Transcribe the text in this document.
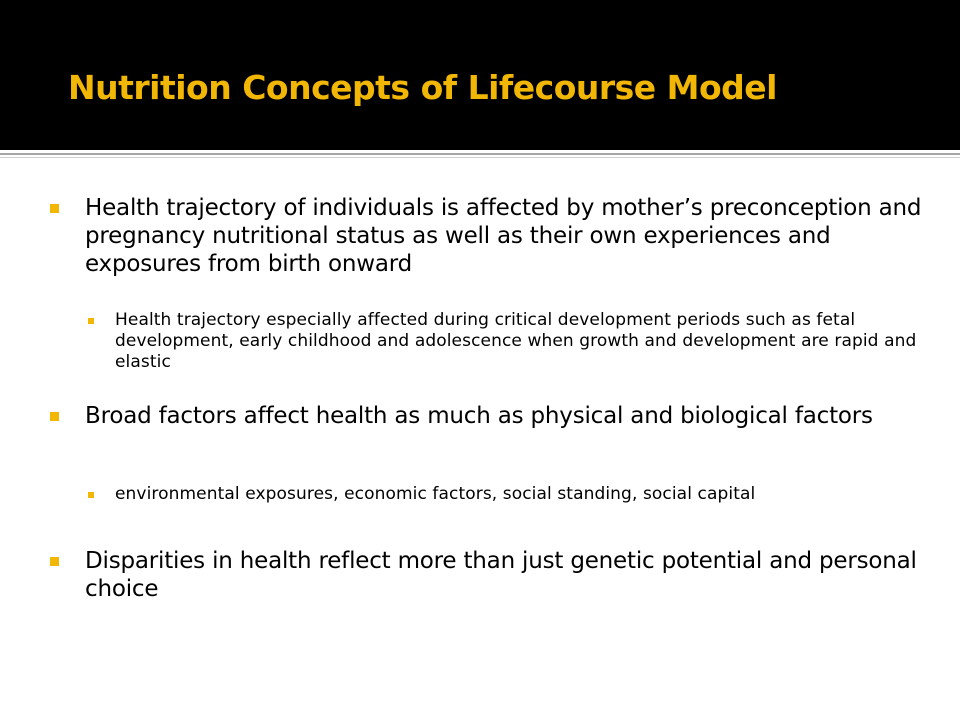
Nutrition Concepts of Lifecourse Model
Health trajectory of individuals is affected by mother’s preconception and pregnancy nutritional status as well as their own experiences and exposures from birth onward
Health trajectory especially affected during critical development periods such as fetal development, early childhood and adolescence when growth and development are rapid and elastic
Broad factors affect health as much as physical and biological factors
environmental exposures, economic factors, social standing, social capital
Disparities in health reflect more than just genetic potential and personal choice
